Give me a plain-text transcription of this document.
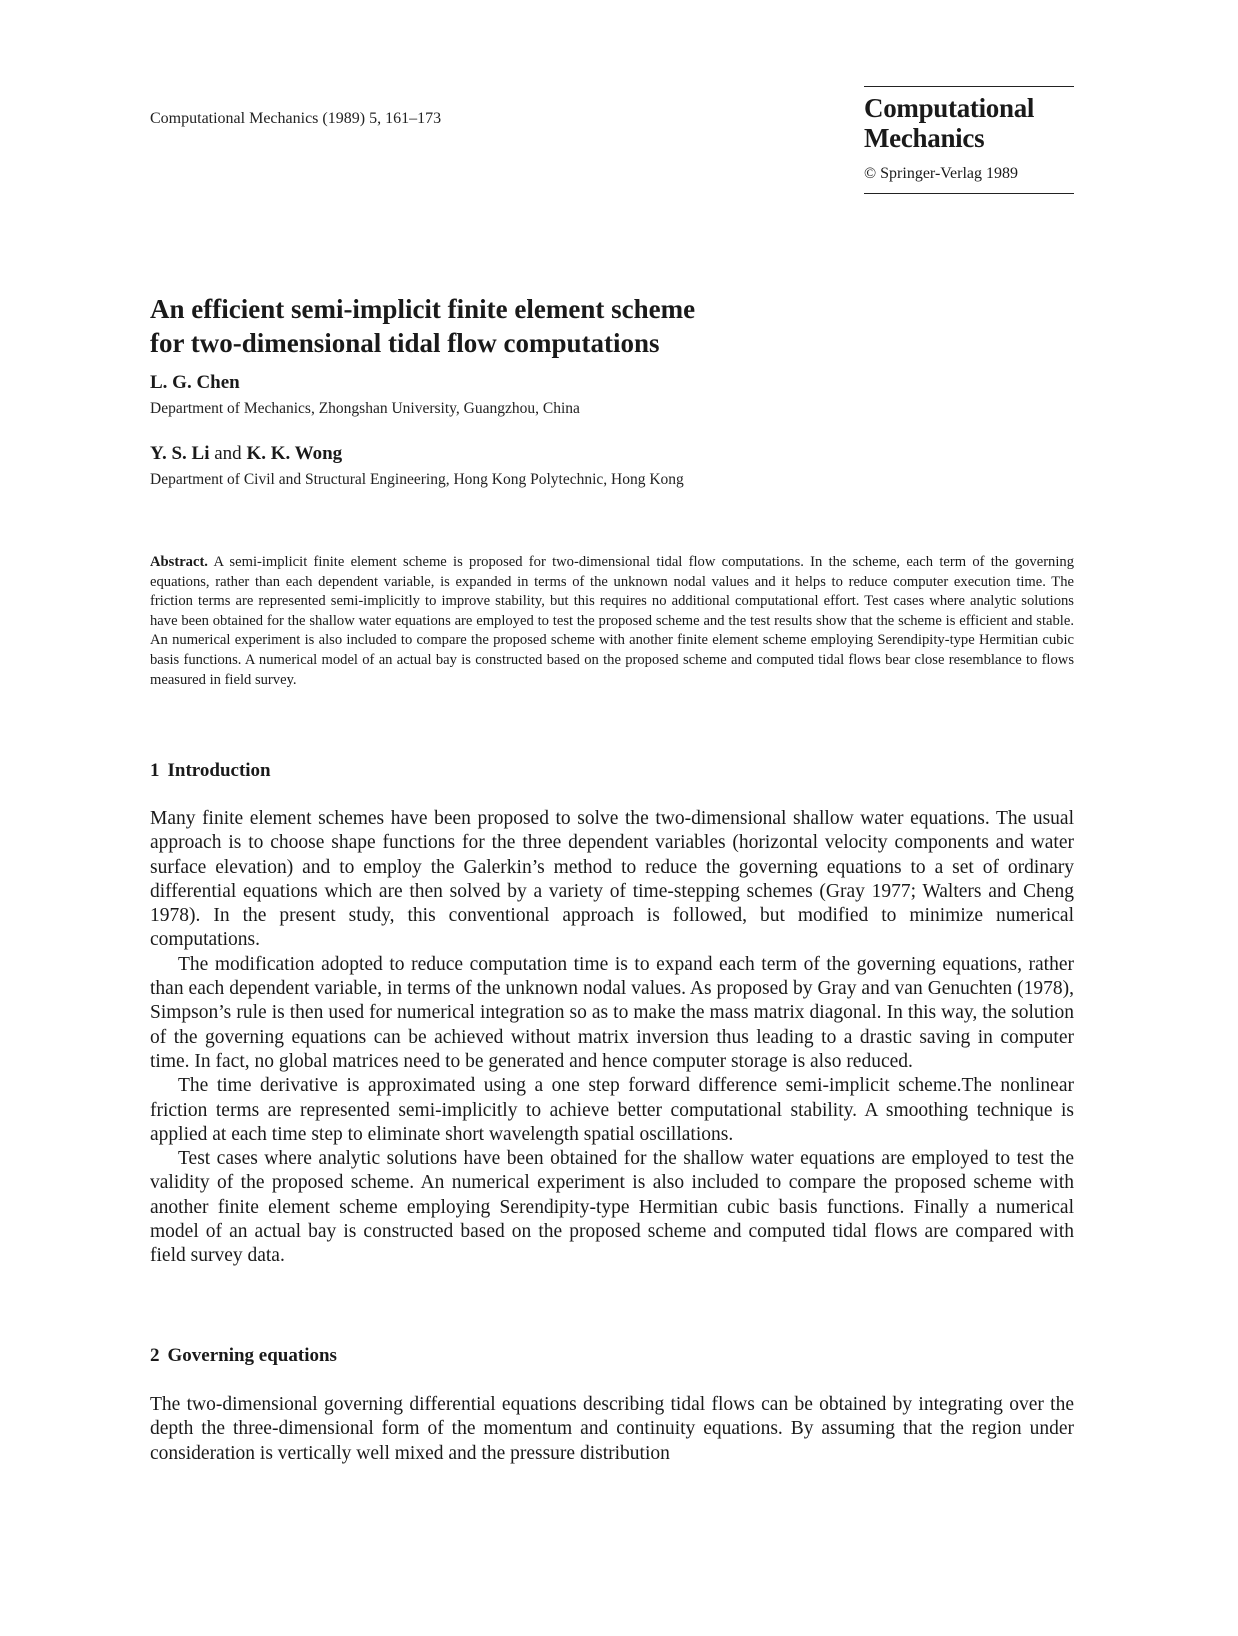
Computational Mechanics (1989) 5, 161–173	Computational
Mechanics
© Springer-Verlag 1989
An efficient semi-implicit finite element scheme
for two-dimensional tidal flow computations
L. G. Chen
Department of Mechanics, Zhongshan University, Guangzhou, China
Y. S. Li and K. K. Wong
Department of Civil and Structural Engineering, Hong Kong Polytechnic, Hong Kong

Abstract. A semi-implicit finite element scheme is proposed for two-dimensional tidal flow computations. In the scheme, each term of the governing equations, rather than each dependent variable, is expanded in terms of the unknown nodal values and it helps to reduce computer execution time. The friction terms are represented semi-implicitly to improve stability, but this requires no additional computational effort. Test cases where analytic solutions have been obtained for the shallow water equations are employed to test the proposed scheme and the test results show that the scheme is efficient and stable. An numerical experiment is also included to compare the proposed scheme with another finite element scheme employing Serendipity-type Hermitian cubic basis functions. A numerical model of an actual bay is constructed based on the proposed scheme and computed tidal flows bear close resemblance to flows measured in field survey.

1 Introduction

Many finite element schemes have been proposed to solve the two-dimensional shallow water equations. The usual approach is to choose shape functions for the three dependent variables (horizontal velocity components and water surface elevation) and to employ the Galerkin’s method to reduce the governing equations to a set of ordinary differential equations which are then solved by a variety of time-stepping schemes (Gray 1977; Walters and Cheng 1978). In the present study, this conventional approach is followed, but modified to minimize numerical computations.

The modification adopted to reduce computation time is to expand each term of the governing equations, rather than each dependent variable, in terms of the unknown nodal values. As proposed by Gray and van Genuchten (1978), Simpson’s rule is then used for numerical integration so as to make the mass matrix diagonal. In this way, the solution of the governing equations can be achieved without matrix inversion thus leading to a drastic saving in computer time. In fact, no global matrices need to be generated and hence computer storage is also reduced.

The time derivative is approximated using a one step forward difference semi-implicit scheme.The nonlinear friction terms are represented semi-implicitly to achieve better computational stability. A smoothing technique is applied at each time step to eliminate short wavelength spatial oscillations.

Test cases where analytic solutions have been obtained for the shallow water equations are employed to test the validity of the proposed scheme. An numerical experiment is also included to compare the proposed scheme with another finite element scheme employing Serendipity-type Hermitian cubic basis functions. Finally a numerical model of an actual bay is constructed based on the proposed scheme and computed tidal flows are compared with field survey data.

2 Governing equations

The two-dimensional governing differential equations describing tidal flows can be obtained by integrating over the depth the three-dimensional form of the momentum and continuity equations. By assuming that the region under consideration is vertically well mixed and the pressure distribution
